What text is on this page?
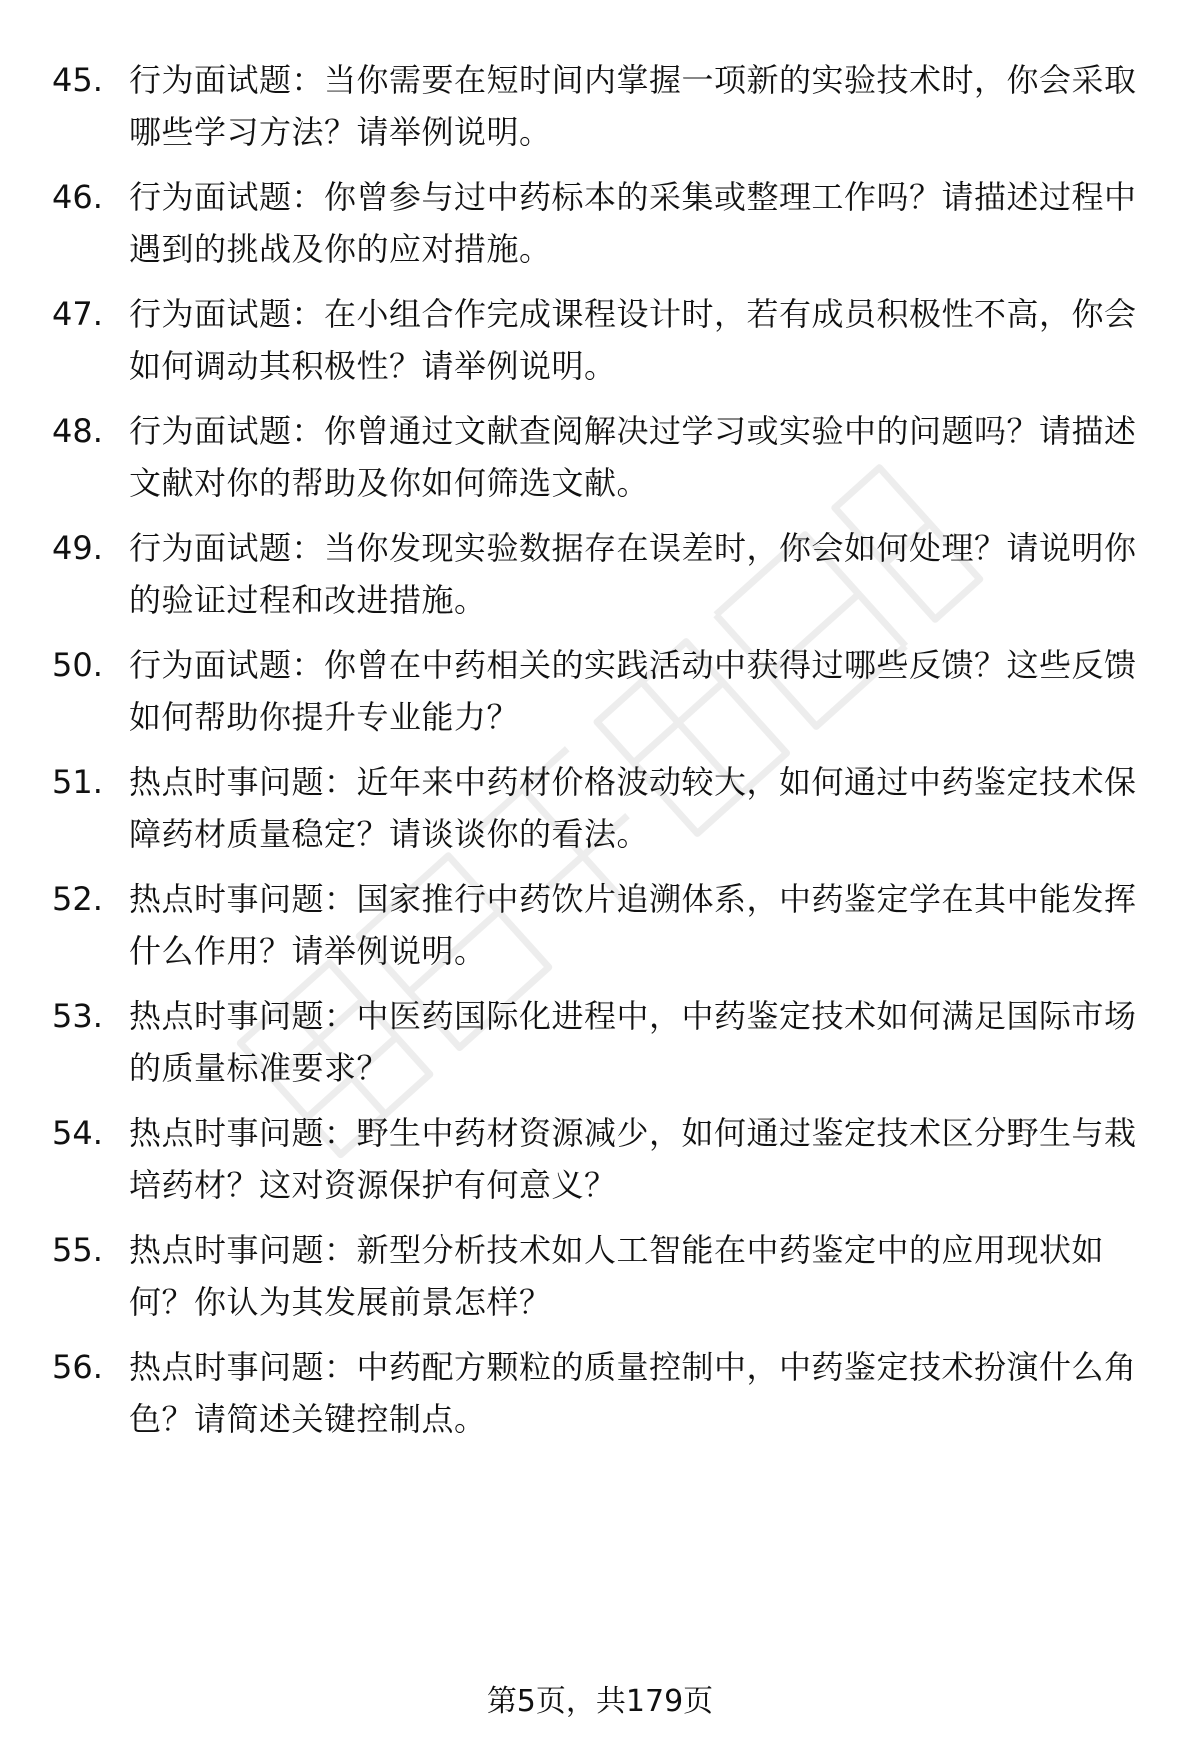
45. 行为面试题：当你需要在短时间内掌握一项新的实验技术时，你会采取哪些学习方法？请举例说明。
46. 行为面试题：你曾参与过中药标本的采集或整理工作吗？请描述过程中遇到的挑战及你的应对措施。
47. 行为面试题：在小组合作完成课程设计时，若有成员积极性不高，你会如何调动其积极性？请举例说明。
48. 行为面试题：你曾通过文献查阅解决过学习或实验中的问题吗？请描述文献对你的帮助及你如何筛选文献。
49. 行为面试题：当你发现实验数据存在误差时，你会如何处理？请说明你的验证过程和改进措施。
50. 行为面试题：你曾在中药相关的实践活动中获得过哪些反馈？这些反馈如何帮助你提升专业能力？
51. 热点时事问题：近年来中药材价格波动较大，如何通过中药鉴定技术保障药材质量稳定？请谈谈你的看法。
52. 热点时事问题：国家推行中药饮片追溯体系，中药鉴定学在其中能发挥什么作用？请举例说明。
53. 热点时事问题：中医药国际化进程中，中药鉴定技术如何满足国际市场的质量标准要求？
54. 热点时事问题：野生中药材资源减少，如何通过鉴定技术区分野生与栽培药材？这对资源保护有何意义？
55. 热点时事问题：新型分析技术如人工智能在中药鉴定中的应用现状如何？你认为其发展前景怎样？
56. 热点时事问题：中药配方颗粒的质量控制中，中药鉴定技术扮演什么角色？请简述关键控制点。
第5页，共179页
